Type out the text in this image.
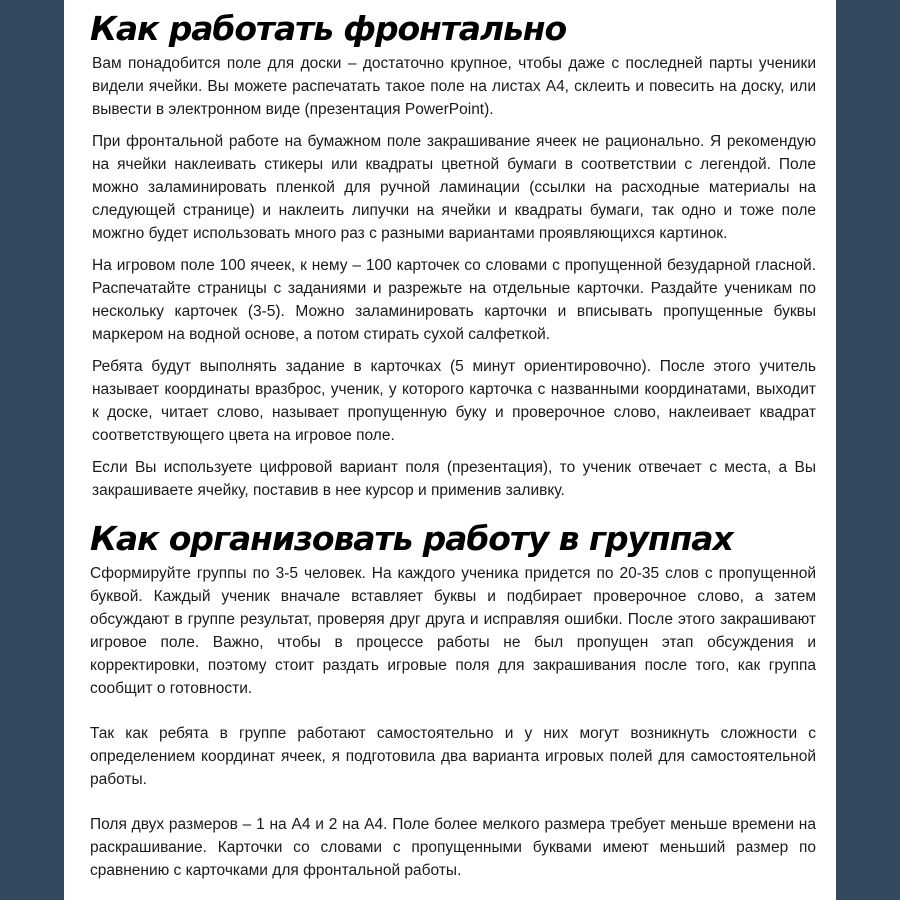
Как работать фронтально

Вам понадобится поле для доски – достаточно крупное, чтобы даже с последней парты ученики видели ячейки. Вы можете распечатать такое поле на листах А4, склеить и повесить на доску, или вывести в электронном виде (презентация PowerPoint).

При фронтальной работе на бумажном поле закрашивание ячеек не рационально. Я рекомендую на ячейки наклеивать стикеры или квадраты цветной бумаги в соответствии с легендой. Поле можно заламинировать пленкой для ручной ламинации (ссылки на расходные материалы на следующей странице) и наклеить липучки на ячейки и квадраты бумаги, так одно и тоже поле можгно будет использовать много раз с разными вариантами проявляющихся картинок.

На игровом поле 100 ячеек, к нему – 100 карточек со словами с пропущенной безударной гласной. Распечатайте страницы с заданиями и разрежьте на отдельные карточки. Раздайте ученикам по нескольку карточек (3-5). Можно заламинировать карточки и вписывать пропущенные буквы маркером на водной основе, а потом стирать сухой салфеткой.

Ребята будут выполнять задание в карточках (5 минут ориентировочно). После этого учитель называет координаты вразброс, ученик, у которого карточка с названными координатами, выходит к доске, читает слово, называет пропущенную буку и проверочное слово, наклеивает квадрат соответствующего цвета на игровое поле.

Если Вы используете цифровой вариант поля (презентация), то ученик отвечает с места, а Вы закрашиваете ячейку, поставив в нее курсор и применив заливку.

Как организовать работу в группах

Сформируйте группы по 3-5 человек. На каждого ученика придется по 20-35 слов с пропущенной буквой. Каждый ученик вначале вставляет буквы и подбирает проверочное слово, а затем обсуждают в группе результат, проверяя друг друга и исправляя ошибки. После этого закрашивают игровое поле. Важно, чтобы в процессе работы не был пропущен этап обсуждения и корректировки, поэтому стоит раздать игровые поля для закрашивания после того, как группа сообщит о готовности.

Так как ребята в группе работают самостоятельно и у них могут возникнуть сложности с определением координат ячеек, я подготовила два варианта игровых полей для самостоятельной работы.

Поля двух размеров – 1 на А4 и 2 на А4. Поле более мелкого размера требует меньше времени на раскрашивание. Карточки со словами с пропущенными буквами имеют меньший размер по сравнению с карточками для фронтальной работы.
